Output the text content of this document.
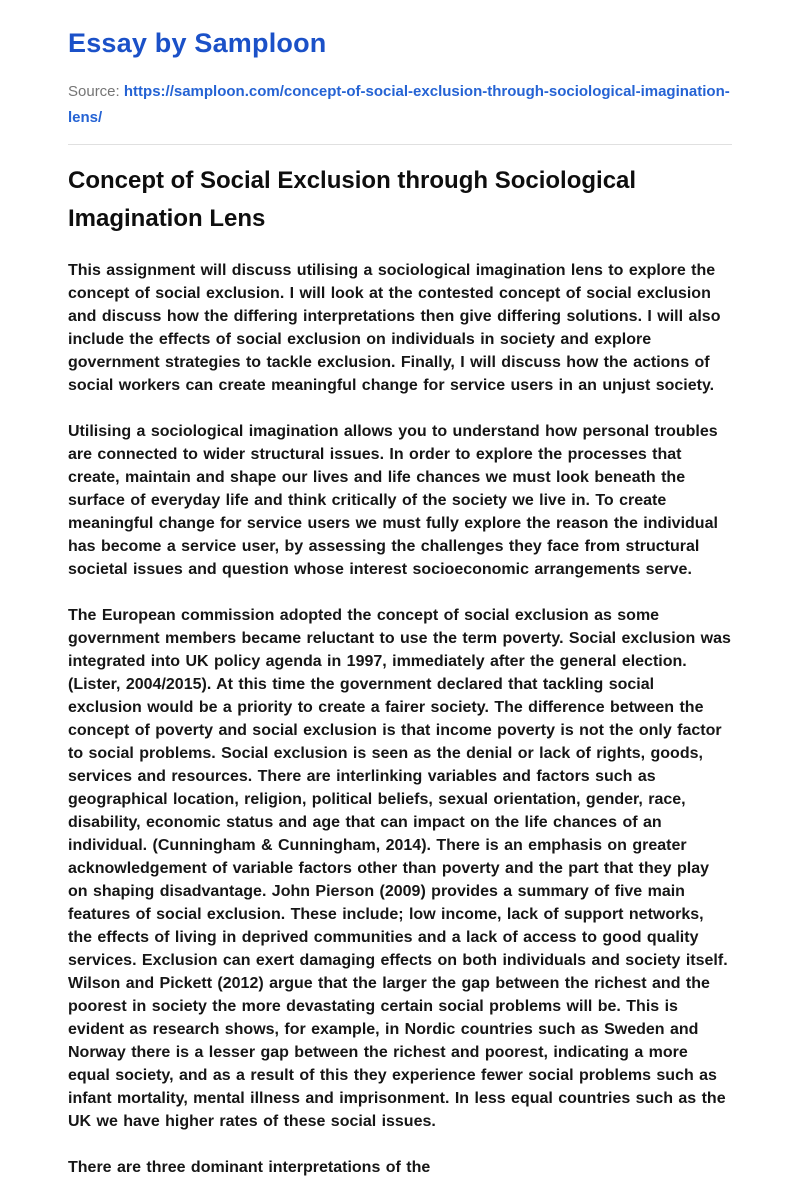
Essay by Samploon

Source: https://samploon.com/concept-of-social-exclusion-through-sociological-imagination-lens/

Concept of Social Exclusion through Sociological Imagination Lens

This assignment will discuss utilising a sociological imagination lens to explore the concept of social exclusion. I will look at the contested concept of social exclusion and discuss how the differing interpretations then give differing solutions. I will also include the effects of social exclusion on individuals in society and explore government strategies to tackle exclusion. Finally, I will discuss how the actions of social workers can create meaningful change for service users in an unjust society.

Utilising a sociological imagination allows you to understand how personal troubles are connected to wider structural issues. In order to explore the processes that create, maintain and shape our lives and life chances we must look beneath the surface of everyday life and think critically of the society we live in. To create meaningful change for service users we must fully explore the reason the individual has become a service user, by assessing the challenges they face from structural societal issues and question whose interest socioeconomic arrangements serve.

The European commission adopted the concept of social exclusion as some government members became reluctant to use the term poverty. Social exclusion was integrated into UK policy agenda in 1997, immediately after the general election. (Lister, 2004/2015). At this time the government declared that tackling social exclusion would be a priority to create a fairer society. The difference between the concept of poverty and social exclusion is that income poverty is not the only factor to social problems. Social exclusion is seen as the denial or lack of rights, goods, services and resources. There are interlinking variables and factors such as geographical location, religion, political beliefs, sexual orientation, gender, race, disability, economic status and age that can impact on the life chances of an individual. (Cunningham & Cunningham, 2014). There is an emphasis on greater acknowledgement of variable factors other than poverty and the part that they play on shaping disadvantage. John Pierson (2009) provides a summary of five main features of social exclusion. These include; low income, lack of support networks, the effects of living in deprived communities and a lack of access to good quality services. Exclusion can exert damaging effects on both individuals and society itself. Wilson and Pickett (2012) argue that the larger the gap between the richest and the poorest in society the more devastating certain social problems will be. This is evident as research shows, for example, in Nordic countries such as Sweden and Norway there is a lesser gap between the richest and poorest, indicating a more equal society, and as a result of this they experience fewer social problems such as infant mortality, mental illness and imprisonment. In less equal countries such as the UK we have higher rates of these social issues.

There are three dominant interpretations of the
